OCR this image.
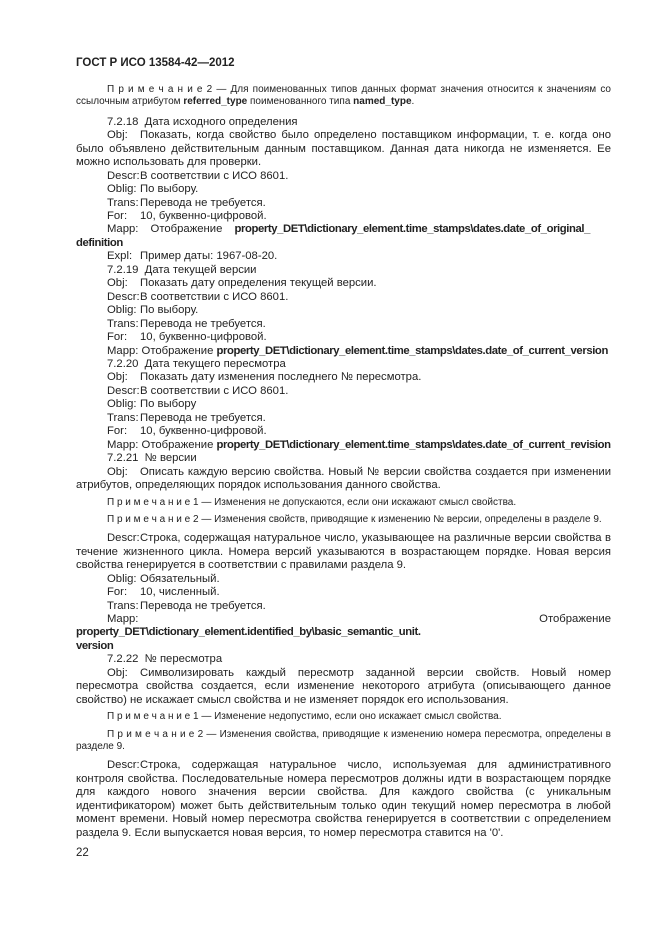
ГОСТ Р ИСО 13584-42—2012

П р и м е ч а н и е 2 — Для поименованных типов данных формат значения относится к значениям со ссылочным атрибутом referred_type поименованного типа named_type.

7.2.18  Дата исходного определения

Obj: Показать, когда свойство было определено поставщиком информации, т. е. когда оно было объявлено действительным данным поставщиком. Данная дата никогда не изменяется. Ее можно использовать для проверки.

Descr:В соответствии с ИСО 8601.

Oblig: По выбору.

Trans:Перевода не требуется.

For: 10, буквенно-цифровой.

Mapp: Отображение property_DET\dictionary_element.time_stamps\dates.date_of_original_
definition

Expl: Пример даты: 1967-08-20.

7.2.19  Дата текущей версии

Obj: Показать дату определения текущей версии.

Descr:В соответствии с ИСО 8601.

Oblig: По выбору.

Trans:Перевода не требуется.

For: 10, буквенно-цифровой.

Mapp: Отображение property_DET\dictionary_element.time_stamps\dates.date_of_current_version

7.2.20  Дата текущего пересмотра

Obj: Показать дату изменения последнего № пересмотра.

Descr:В соответствии с ИСО 8601.

Oblig: По выбору

Trans:Перевода не требуется.

For: 10, буквенно-цифровой.

Mapp: Отображение property_DET\dictionary_element.time_stamps\dates.date_of_current_revision

7.2.21  № версии

Obj: Описать каждую версию свойства. Новый № версии свойства создается при изменении атрибутов, определяющих порядок использования данного свойства.

П р и м е ч а н и е 1 — Изменения не допускаются, если они искажают смысл свойства.

П р и м е ч а н и е 2 — Изменения свойств, приводящие к изменению № версии, определены в разделе 9.

Descr:Строка, содержащая натуральное число, указывающее на различные версии свойства в течение жизненного цикла. Номера версий указываются в возрастающем порядке. Новая версия свойства генерируется в соответствии с правилами раздела 9.

Oblig: Обязательный.

For: 10, численный.

Trans:Перевода не требуется.

Mapp:	Отображение property_DET\dictionary_element.identified_by\basic_semantic_unit.
version

7.2.22  № пересмотра

Obj: Символизировать каждый пересмотр заданной версии свойств. Новый номер пересмотра свойства создается, если изменение некоторого атрибута (описывающего данное свойство) не искажает смысл свойства и не изменяет порядок его использования.

П р и м е ч а н и е 1 — Изменение недопустимо, если оно искажает смысл свойства.

П р и м е ч а н и е 2 — Изменения свойства, приводящие к изменению номера пересмотра, определены в разделе 9.

Descr:Строка, содержащая натуральное число, используемая для административного контроля свойства. Последовательные номера пересмотров должны идти в возрастающем порядке для каждого нового значения версии свойства. Для каждого свойства (с уникальным идентификатором) может быть действительным только один текущий номер пересмотра в любой момент времени. Новый номер пересмотра свойства генерируется в соответствии с определением раздела 9. Если выпускается новая версия, то номер пересмотра ставится на '0'.

22
